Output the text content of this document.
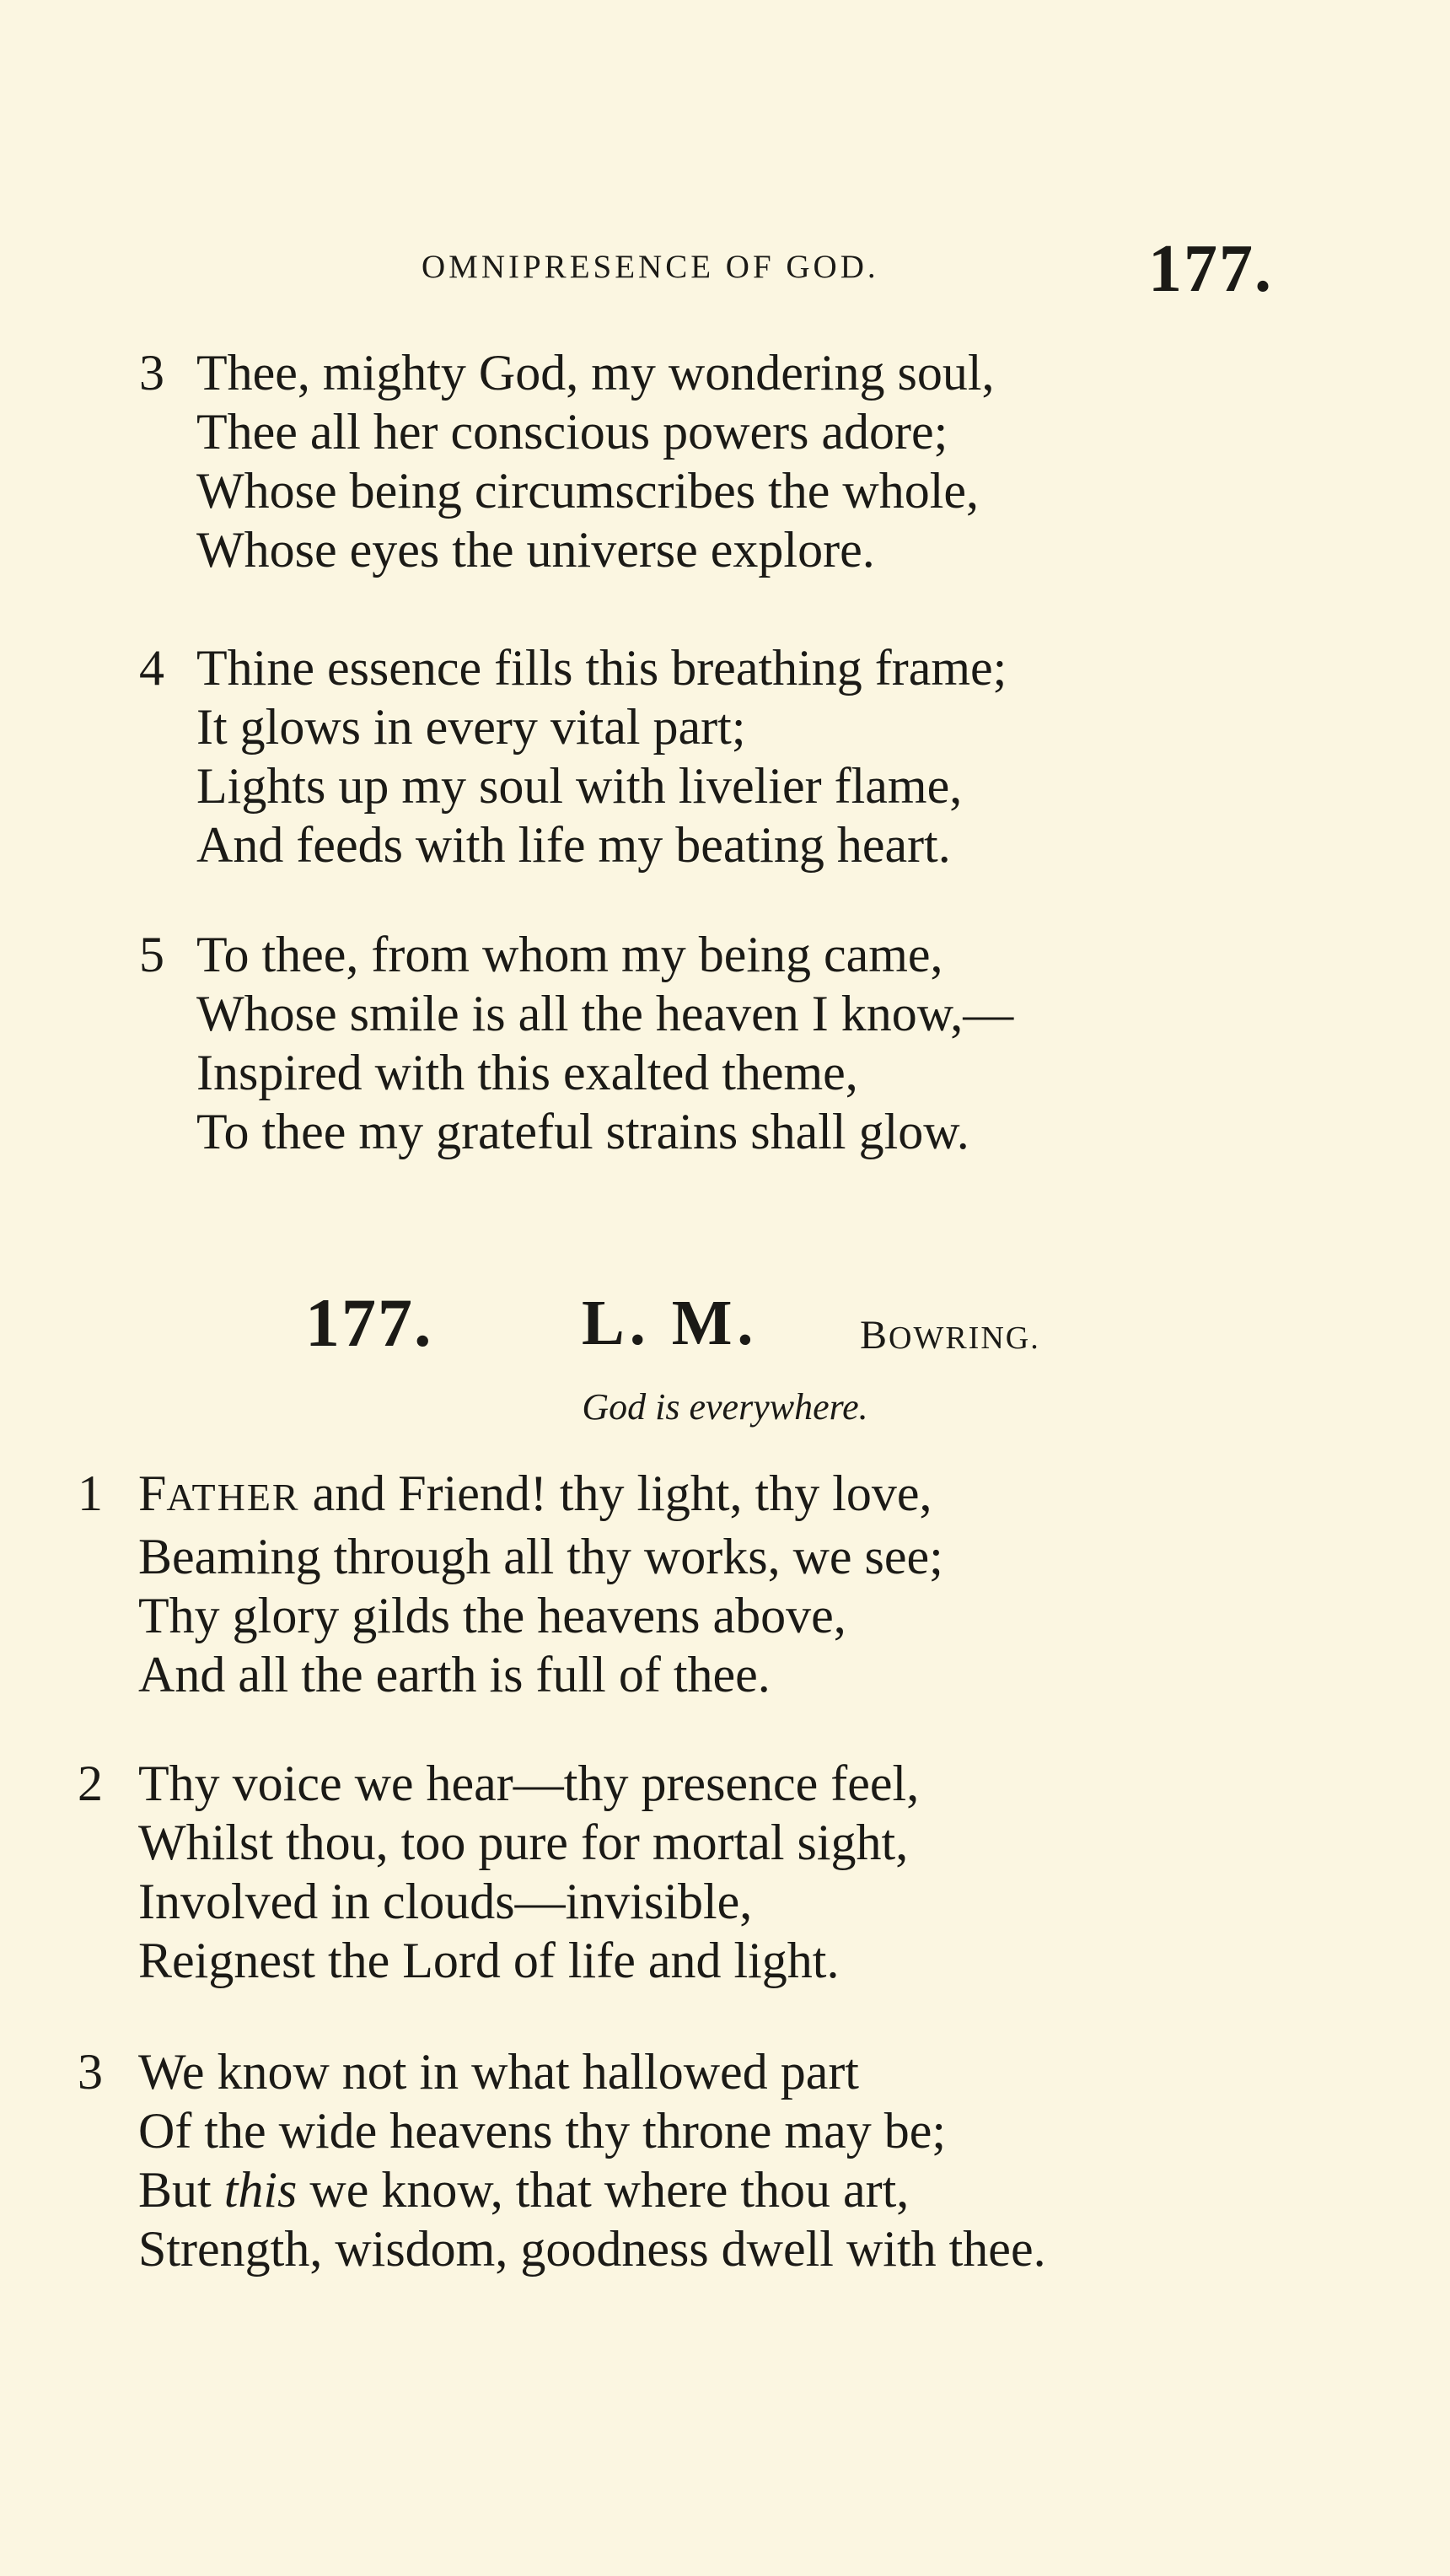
OMNIPRESENCE OF GOD.	177.
3 Thee, mighty God, my wondering soul,
Thee all her conscious powers adore;
Whose being circumscribes the whole,
Whose eyes the universe explore.
4 Thine essence fills this breathing frame;
It glows in every vital part;
Lights up my soul with livelier flame,
And feeds with life my beating heart.
5 To thee, from whom my being came,
Whose smile is all the heaven I know,—
Inspired with this exalted theme,
To thee my grateful strains shall glow.
177. L. M.	BOWRING.
God is everywhere.
1 FATHER and Friend! thy light, thy love,
Beaming through all thy works, we see;
Thy glory gilds the heavens above,
And all the earth is full of thee.
2 Thy voice we hear—thy presence feel,
Whilst thou, too pure for mortal sight,
Involved in clouds—invisible,
Reignest the Lord of life and light.
3 We know not in what hallowed part
Of the wide heavens thy throne may be;
But this we know, that where thou art,
Strength, wisdom, goodness dwell with thee.
